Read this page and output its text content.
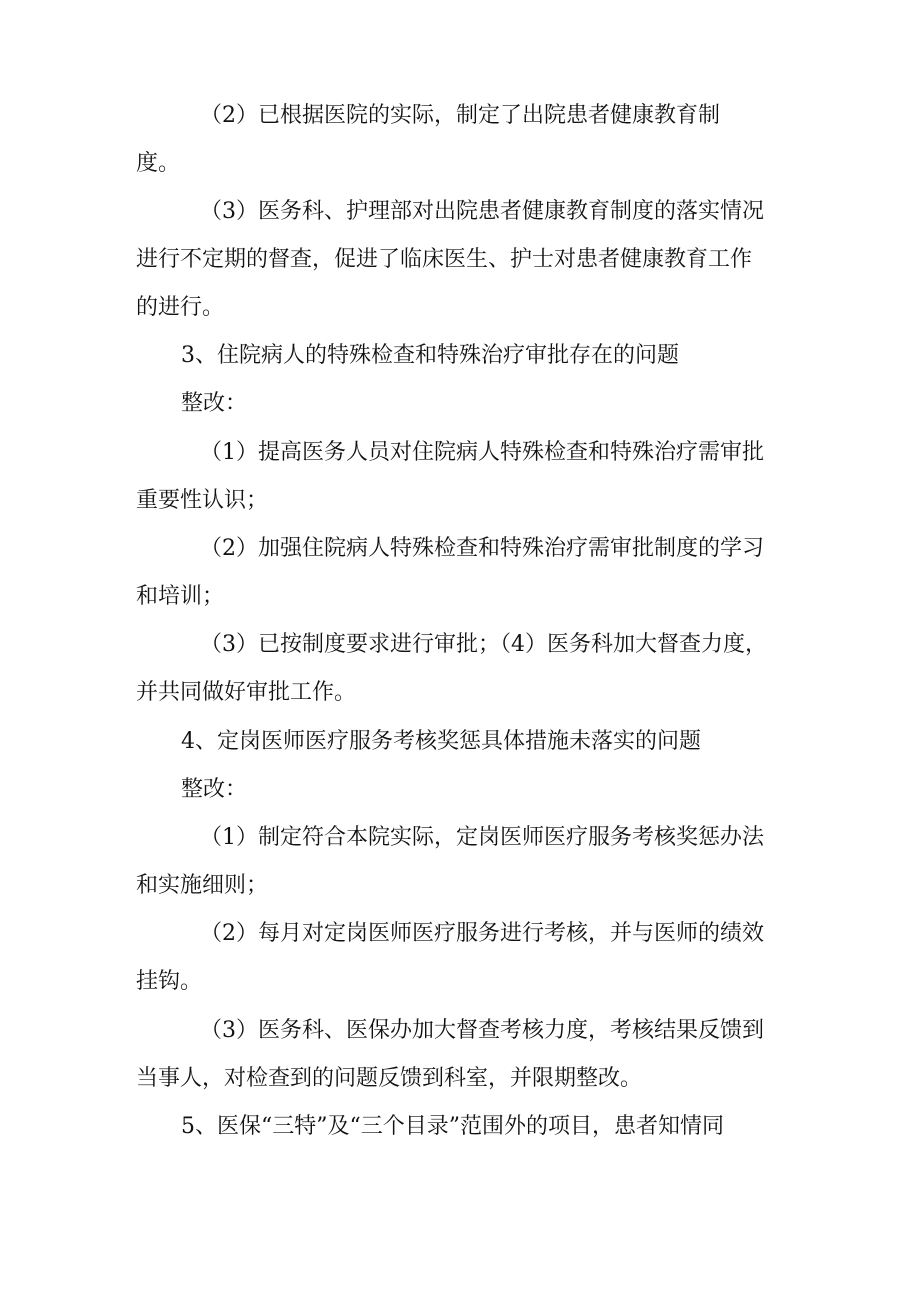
（2）已根据医院的实际，制定了出院患者健康教育制
度。
（3）医务科、护理部对出院患者健康教育制度的落实情况
进行不定期的督查，促进了临床医生、护士对患者健康教育工作
的进行。
3、住院病人的特殊检查和特殊治疗审批存在的问题
整改：
（1）提高医务人员对住院病人特殊检查和特殊治疗需审批
重要性认识；
（2）加强住院病人特殊检查和特殊治疗需审批制度的学习
和培训；
（3）已按制度要求进行审批；（4）医务科加大督查力度，
并共同做好审批工作。
4、定岗医师医疗服务考核奖惩具体措施未落实的问题
整改：
（1）制定符合本院实际，定岗医师医疗服务考核奖惩办法
和实施细则；
（2）每月对定岗医师医疗服务进行考核，并与医师的绩效
挂钩。
（3）医务科、医保办加大督查考核力度，考核结果反馈到
当事人，对检查到的问题反馈到科室，并限期整改。
5、医保“三特”及“三个目录”范围外的项目，患者知情同
